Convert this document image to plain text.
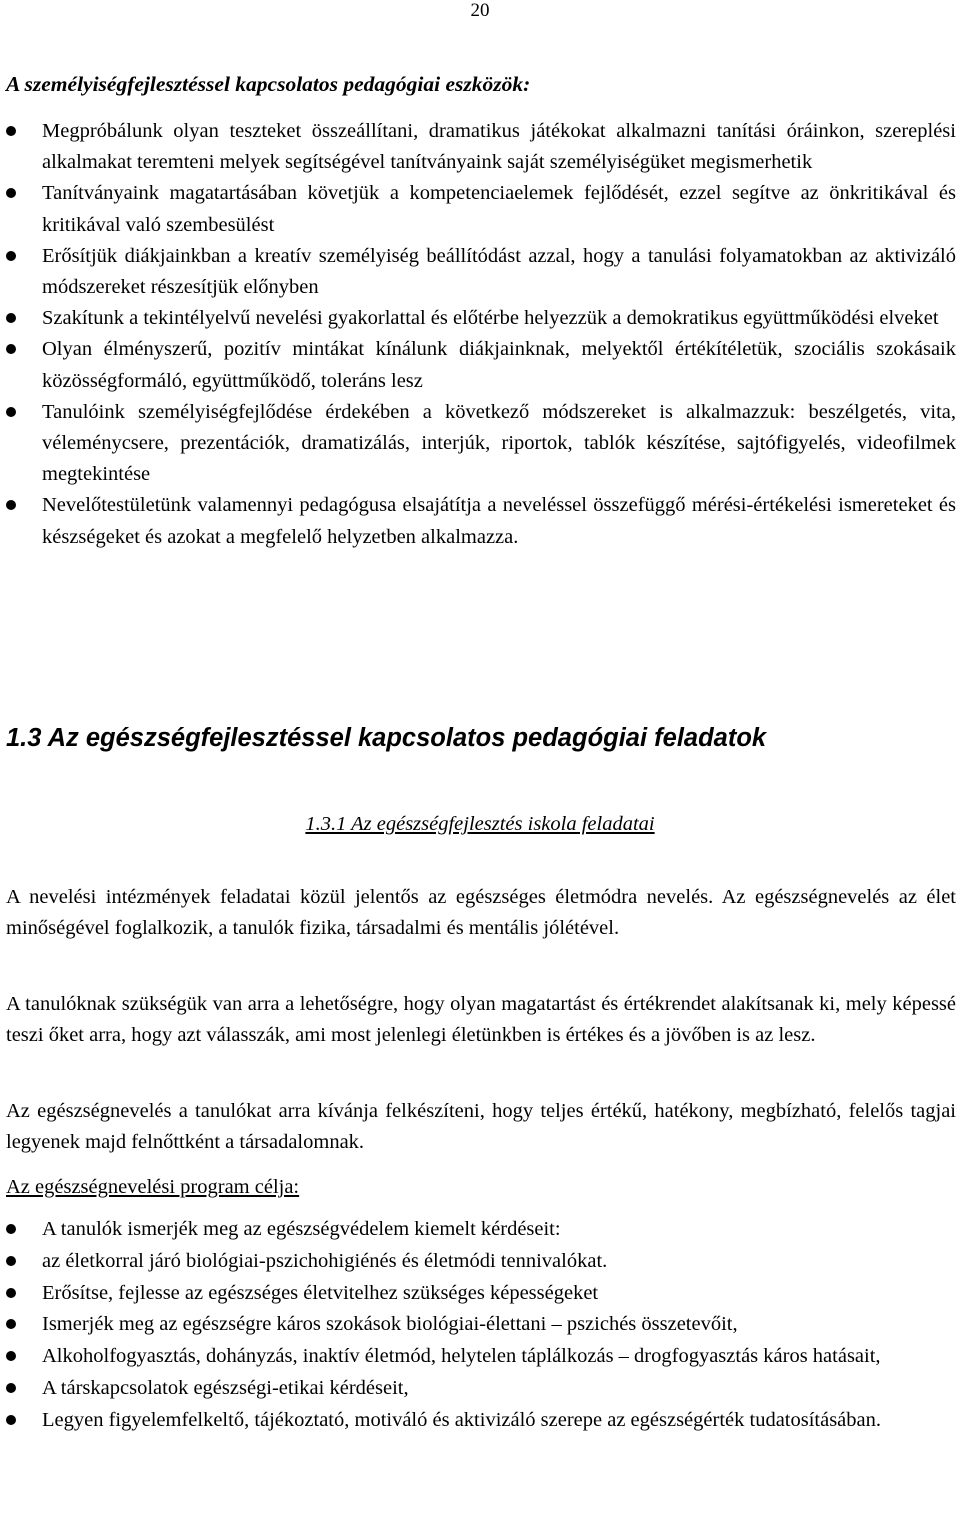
20
A személyiségfejlesztéssel kapcsolatos pedagógiai eszközök:
Megpróbálunk olyan teszteket összeállítani, dramatikus játékokat alkalmazni tanítási óráinkon, szereplési alkalmakat teremteni melyek segítségével tanítványaink saját személyiségüket megismerhetik
Tanítványaink magatartásában követjük a kompetenciaelemek fejlődését, ezzel segítve az önkritikával és kritikával való szembesülést
Erősítjük diákjainkban a kreatív személyiség beállítódást azzal, hogy a tanulási folyamatokban az aktivizáló módszereket részesítjük előnyben
Szakítunk a tekintélyelvű nevelési gyakorlattal és előtérbe helyezzük a demokratikus együttműködési elveket
Olyan élményszerű, pozitív mintákat kínálunk diákjainknak, melyektől értékítéletük, szociális szokásaik közösségformáló, együttműködő, toleráns lesz
Tanulóink személyiségfejlődése érdekében a következő módszereket is alkalmazzuk: beszélgetés, vita, véleménycsere, prezentációk, dramatizálás, interjúk, riportok, tablók készítése, sajtófigyelés, videofilmek megtekintése
Nevelőtestületünk valamennyi pedagógusa elsajátítja a neveléssel összefüggő mérési-értékelési ismereteket és készségeket és azokat a megfelelő helyzetben alkalmazza.
1.3 Az egészségfejlesztéssel kapcsolatos pedagógiai feladatok
1.3.1 Az egészségfejlesztés iskola feladatai

A nevelési intézmények feladatai közül jelentős az egészséges életmódra nevelés. Az egészségnevelés az élet minőségével foglalkozik, a tanulók fizika, társadalmi és mentális jólétével.

A tanulóknak szükségük van arra a lehetőségre, hogy olyan magatartást és értékrendet alakítsanak ki, mely képessé teszi őket arra, hogy azt válasszák, ami most jelenlegi életünkben is értékes és a jövőben is az lesz.

Az egészségnevelés a tanulókat arra kívánja felkészíteni, hogy teljes értékű, hatékony, megbízható, felelős tagjai legyenek majd felnőttként a társadalomnak.

Az egészségnevelési program célja:
A tanulók ismerjék meg az egészségvédelem kiemelt kérdéseit:
az életkorral járó biológiai-pszichohigiénés és életmódi tennivalókat.
Erősítse, fejlesse az egészséges életvitelhez szükséges képességeket
Ismerjék meg az egészségre káros szokások biológiai-élettani – pszichés összetevőit,
Alkoholfogyasztás, dohányzás, inaktív életmód, helytelen táplálkozás – drogfogyasztás káros hatásait,
A társkapcsolatok egészségi-etikai kérdéseit,
Legyen figyelemfelkeltő, tájékoztató, motiváló és aktivizáló szerepe az egészségérték tudatosításában.
